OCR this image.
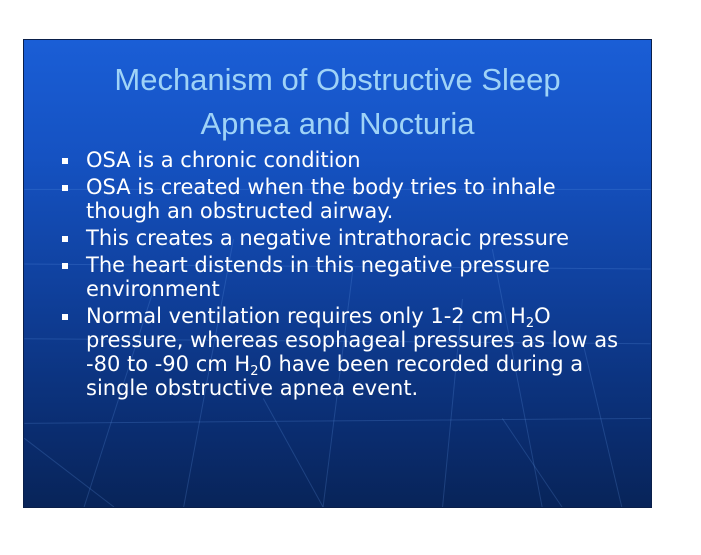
Mechanism of Obstructive Sleep
Apnea and Nocturia
OSA is a chronic condition
OSA is created when the body tries to inhale though an obstructed airway.
This creates a negative intrathoracic pressure
The heart distends in this negative pressure environment
Normal ventilation requires only 1-2 cm $H_2O$ pressure, whereas esophageal pressures as low as -80 to -90 cm $H_20$ have been recorded during a single obstructive apnea event.
